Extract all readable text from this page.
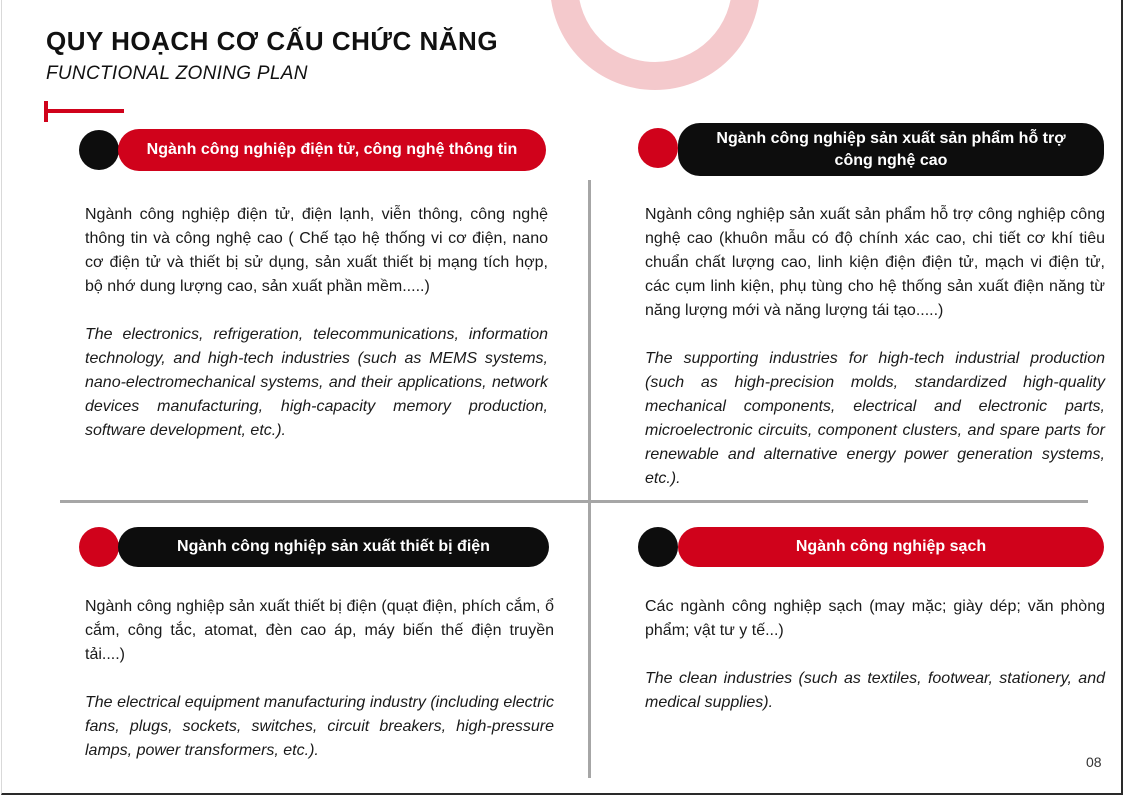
QUY HOẠCH CƠ CẤU CHỨC NĂNG

FUNCTIONAL ZONING PLAN

Ngành công nghiệp điện tử, công nghệ thông tin

Ngành công nghiệp điện tử, điện lạnh, viễn thông, công nghệ thông tin và công nghệ cao ( Chế tạo hệ thống vi cơ điện, nano cơ điện tử và thiết bị sử dụng, sản xuất thiết bị mạng tích hợp, bộ nhớ dung lượng cao, sản xuất phần mềm.....)

The electronics, refrigeration, telecommunications, information technology, and high-tech industries (such as MEMS systems, nano-electromechanical systems, and their applications, network devices manufacturing, high-capacity memory production, software development, etc.).

Ngành công nghiệp sản xuất sản phẩm hỗ trợ công nghệ cao

Ngành công nghiệp sản xuất sản phẩm hỗ trợ công nghiệp công nghệ cao (khuôn mẫu có độ chính xác cao, chi tiết cơ khí tiêu chuẩn chất lượng cao, linh kiện điện điện tử, mạch vi điện tử, các cụm linh kiện, phụ tùng cho hệ thống sản xuất điện năng từ năng lượng mới và năng lượng tái tạo.....)

The supporting industries for high-tech industrial production (such as high-precision molds, standardized high-quality mechanical components, electrical and electronic parts, microelectronic circuits, component clusters, and spare parts for renewable and alternative energy power generation systems, etc.).

Ngành công nghiệp sản xuất thiết bị điện

Ngành công nghiệp sản xuất thiết bị điện (quạt điện, phích cắm, ổ cắm, công tắc, atomat, đèn cao áp, máy biến thế điện truyền tải....)

The electrical equipment manufacturing industry (including electric fans, plugs, sockets, switches, circuit breakers, high-pressure lamps, power transformers, etc.).

Ngành công nghiệp sạch

Các ngành công nghiệp sạch (may mặc; giày dép; văn phòng phẩm; vật tư y tế...)

The clean industries (such as textiles, footwear, stationery, and medical supplies).

08
